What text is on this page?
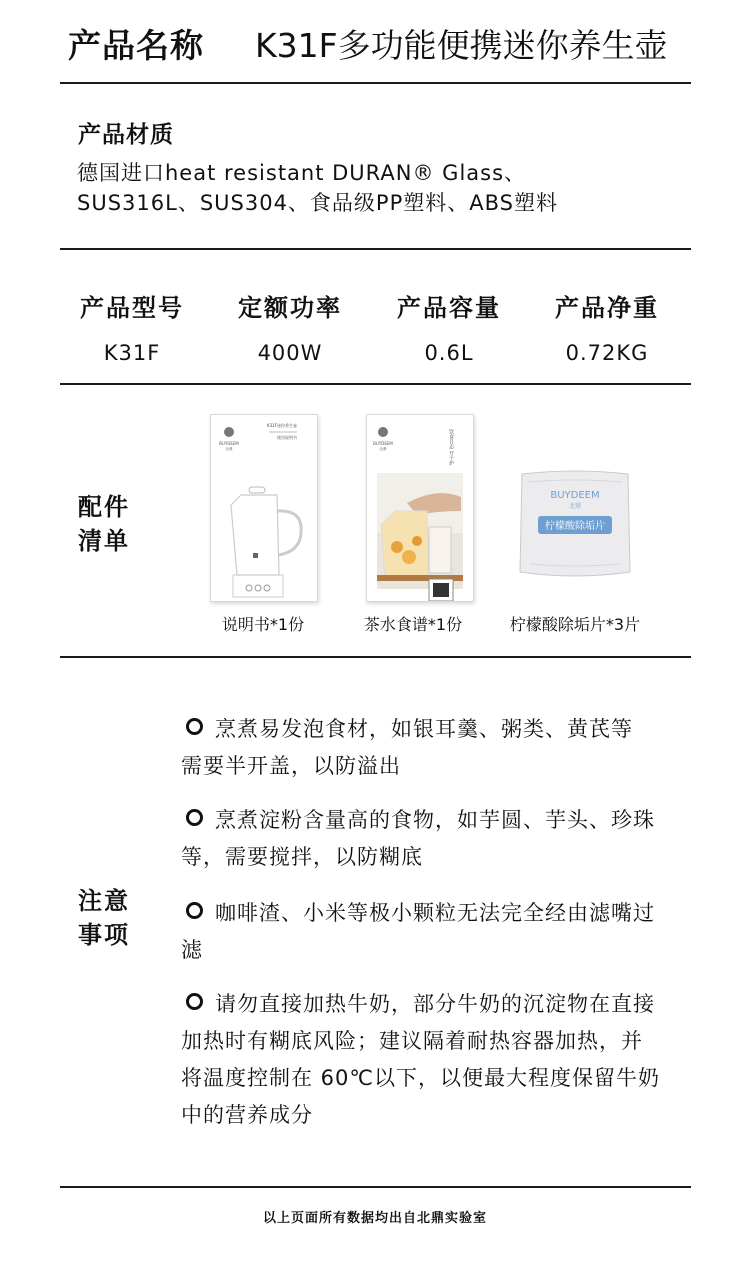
产品名称 K31F多功能便携迷你养生壶
产品材质
德国进口heat resistant DURAN® Glass、
SUS316L、SUS304、食品级PP塑料、ABS塑料
产品型号
K31F
定额功率
400W
产品容量
0.6L
产品净重
0.72KG
配件
清单
BUYDEEM
北鼎
K31F迷你养生壶
使用说明书
说明书*1份
BUYDEEM
北鼎	饮食日志 开个炉
茶水食谱*1份
BUYDEEM
北鼎
柠檬酸除垢片
柠檬酸除垢片*3片
注意
事项
烹煮易发泡食材，如银耳羹、粥类、黄芪等
需要半开盖，以防溢出
烹煮淀粉含量高的食物，如芋圆、芋头、珍珠
等，需要搅拌，以防糊底
咖啡渣、小米等极小颗粒无法完全经由滤嘴过
滤
请勿直接加热牛奶，部分牛奶的沉淀物在直接
加热时有糊底风险；建议隔着耐热容器加热，并
将温度控制在 60℃以下，以便最大程度保留牛奶
中的营养成分
以上页面所有数据均出自北鼎实验室
